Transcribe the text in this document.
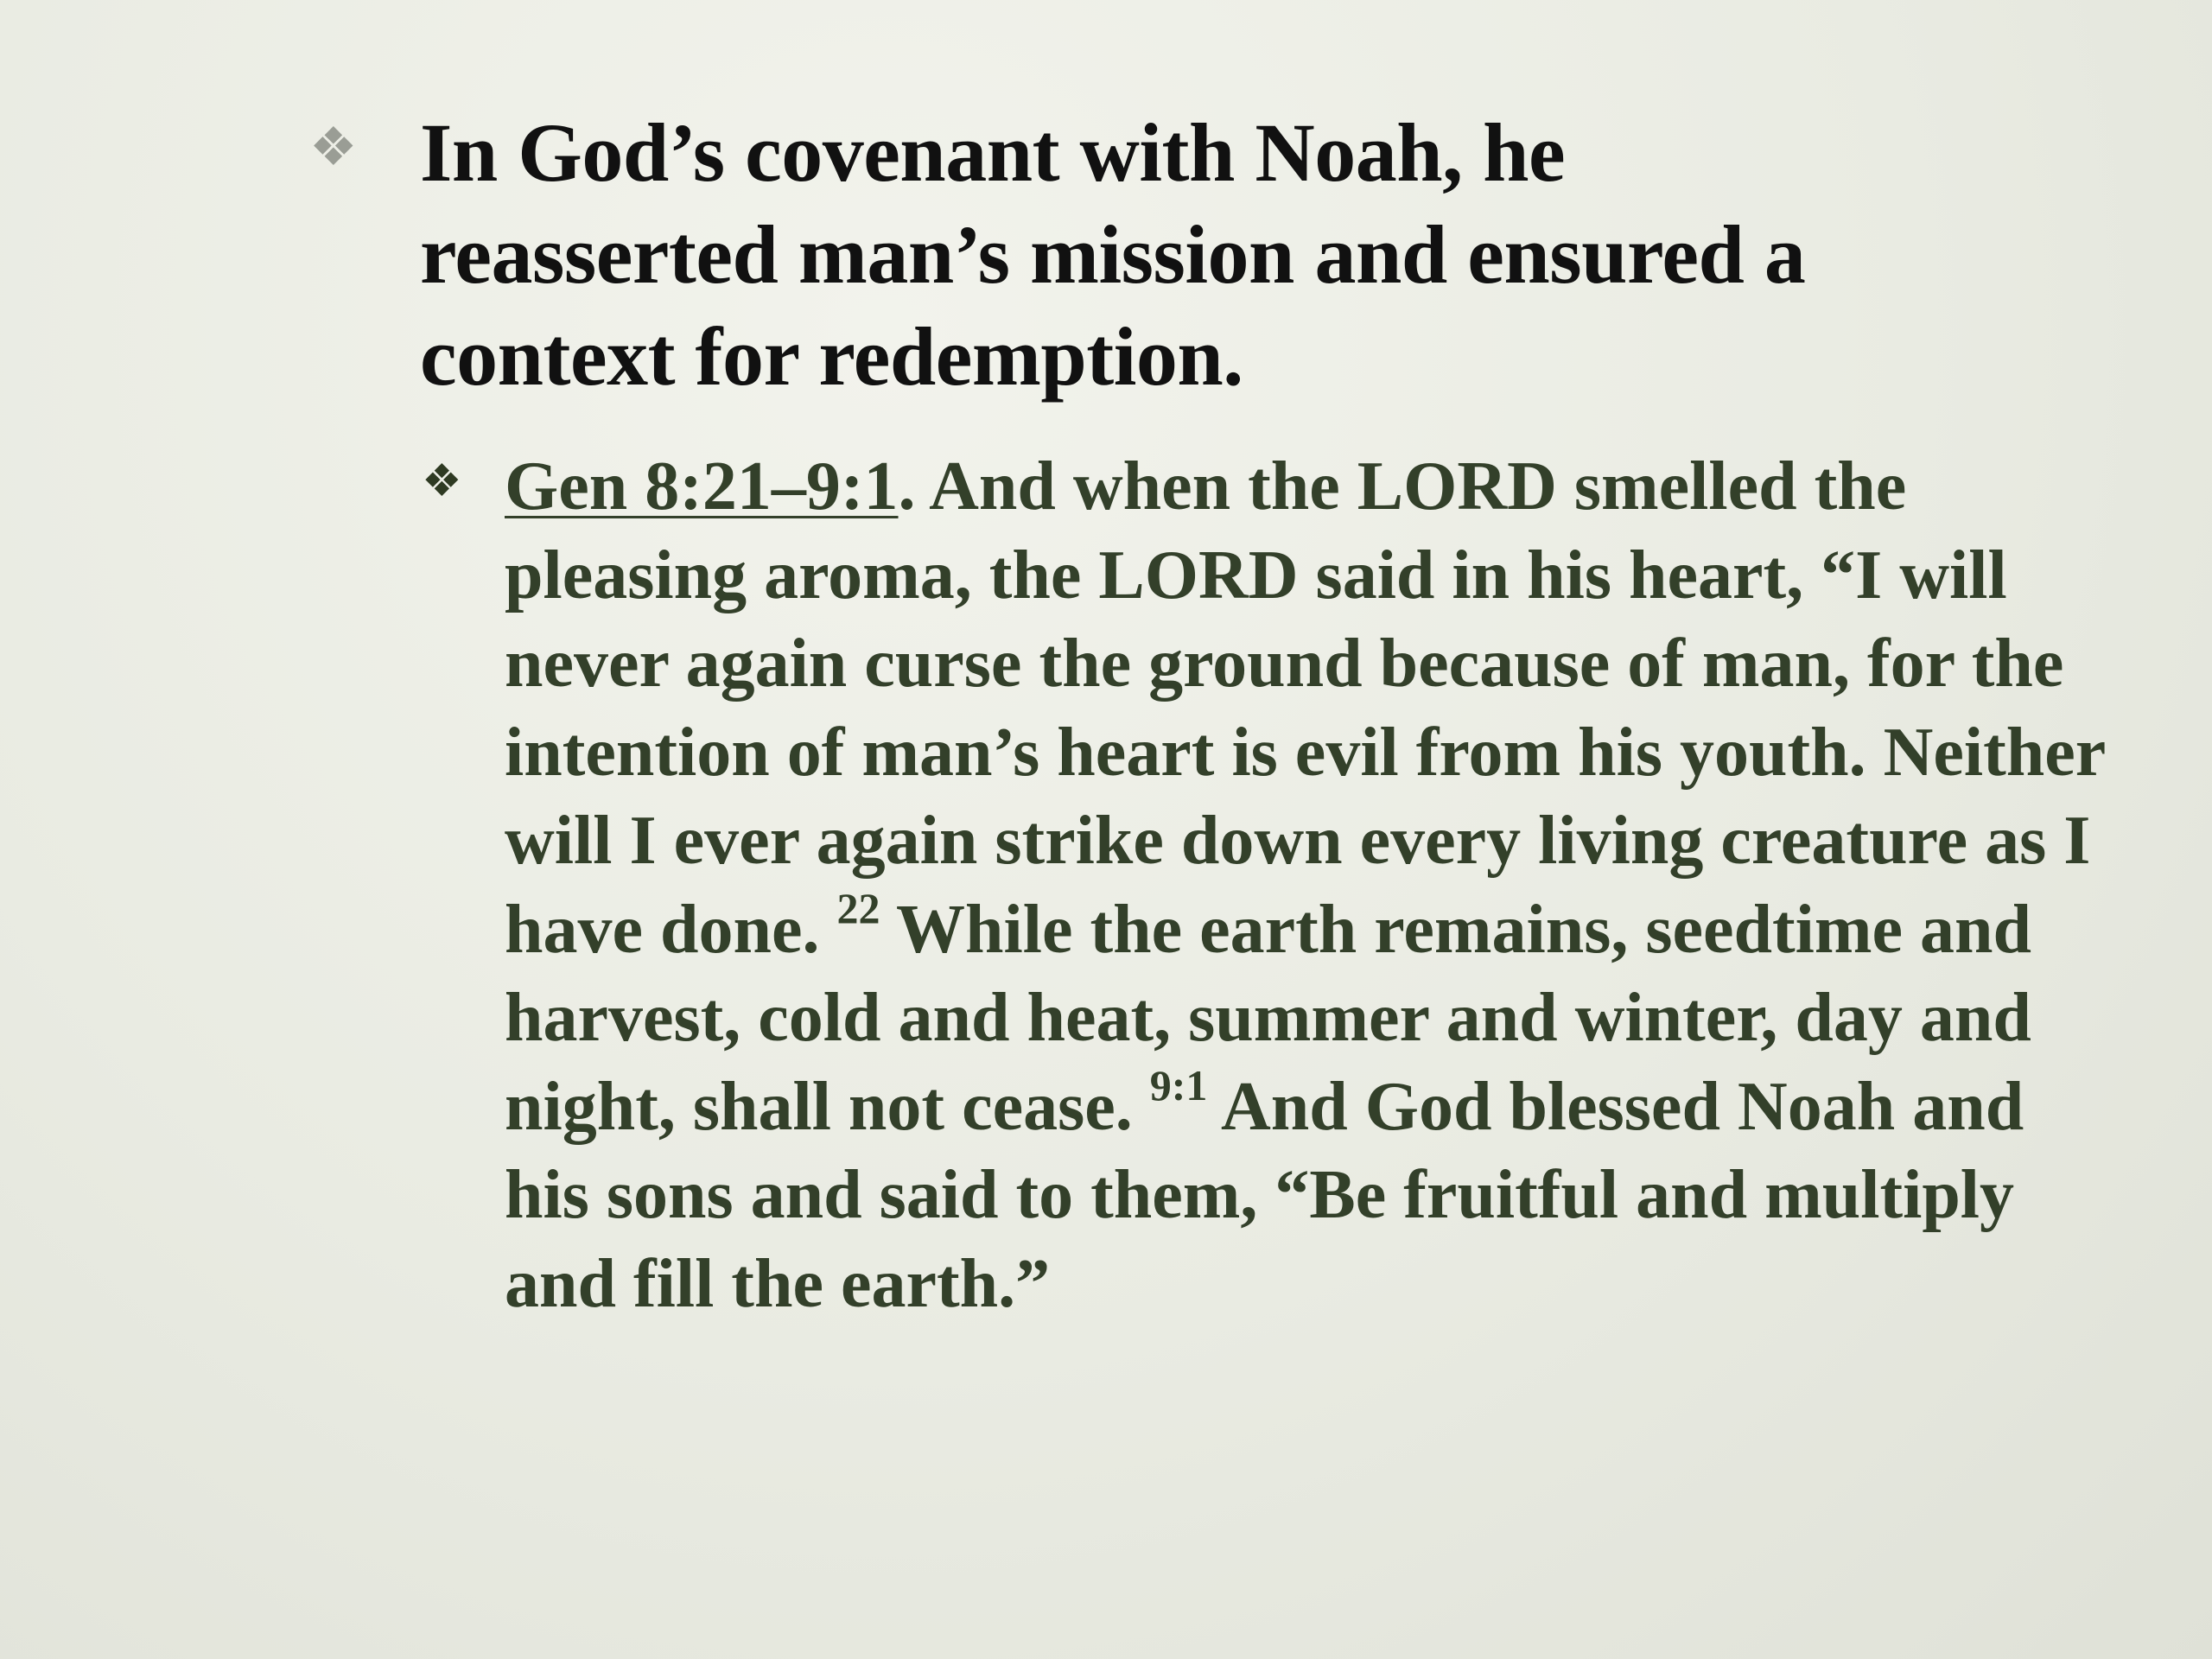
❖ In God’s covenant with Noah, he
reasserted man’s mission and ensured a
context for redemption.
❖ Gen 8:21–9:1. And when the LORD smelled the pleasing aroma, the LORD said in his heart, “I will never again curse the ground because of man, for the intention of man’s heart is evil from his youth. Neither will I ever again strike down every living creature as I have done. $^{22}$ While the earth remains, seedtime and harvest, cold and heat, summer and winter, day and night, shall not cease. $^{9:1}$ And God blessed Noah and his sons and said to them, “Be fruitful and multiply and fill the earth.”
